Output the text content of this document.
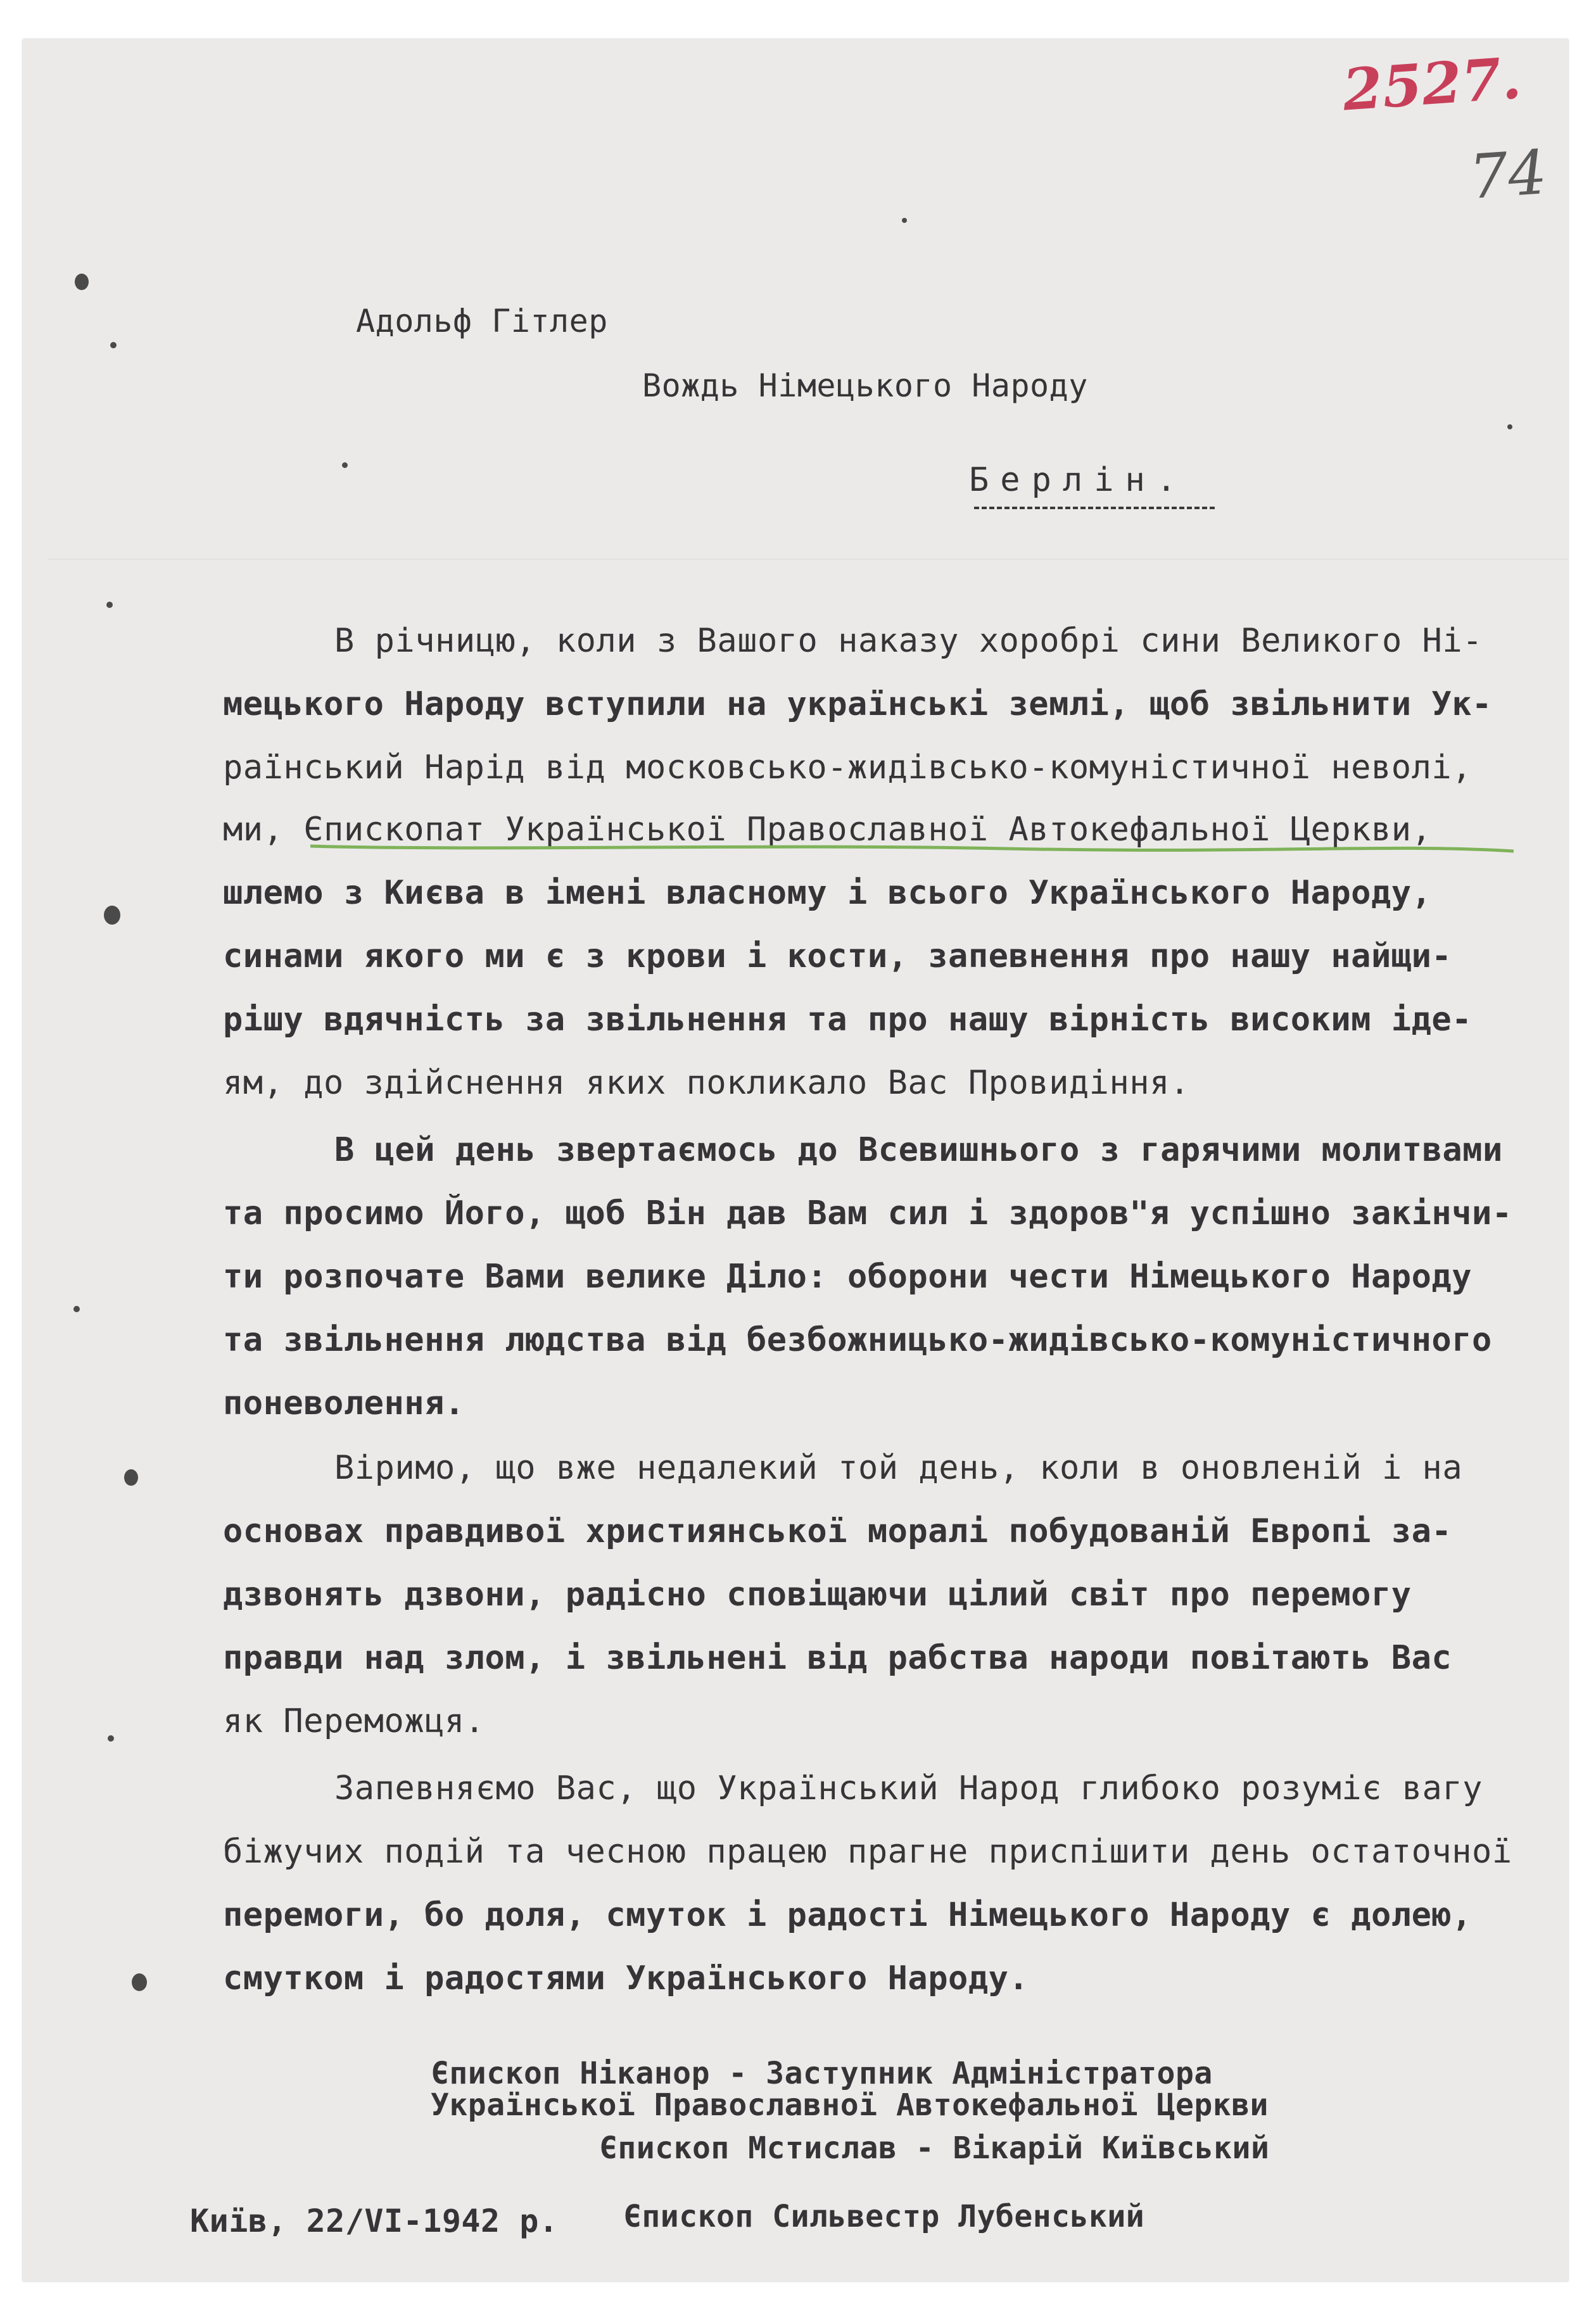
2527.
74
Адольф Гітлер
Вождь Німецького Народу
Берлін.
В річницю, коли з Вашого наказу хоробрі сини Великого Ні-
мецького Народу вступили на українські землі, щоб звільнити Ук-
раїнський Нарід від московсько-жидівсько-комуністичної неволі,
ми, Єпископат Української Православної Автокефальної Церкви,
шлемо з Києва в імені власному і всього Українського Народу,
синами якого ми є з крови і кости, запевнення про нашу найщи-
рішу вдячність за звільнення та про нашу вірність високим іде-
ям, до здійснення яких покликало Вас Провидіння.
В цей день звертаємось до Всевишнього з гарячими молитвами
та просимо Його, щоб Він дав Вам сил і здоров"я успішно закінчи-
ти розпочате Вами велике Діло: оборони чести Німецького Народу
та звільнення людства від безбожницько-жидівсько-комуністичного
поневолення.
Віримо, що вже недалекий той день, коли в оновленій і на
основах правдивої християнської моралі побудованій Европі за-
дзвонять дзвони, радісно сповіщаючи цілий світ про перемогу
правди над злом, і звільнені від рабства народи повітають Вас
як Переможця.
Запевняємо Вас, що Український Народ глибоко розуміє вагу
біжучих подій та чесною працею прагне приспішити день остаточної
перемоги, бо доля, смуток і радості Німецького Народу є долею,
смутком і радостями Українського Народу.
Єпископ Ніканор - Заступник Адміністратора
Української Православної Автокефальної Церкви
Єпископ Мстислав - Вікарій Київський
Київ, 22/VI-1942 р. Єпископ Сильвестр Лубенський
